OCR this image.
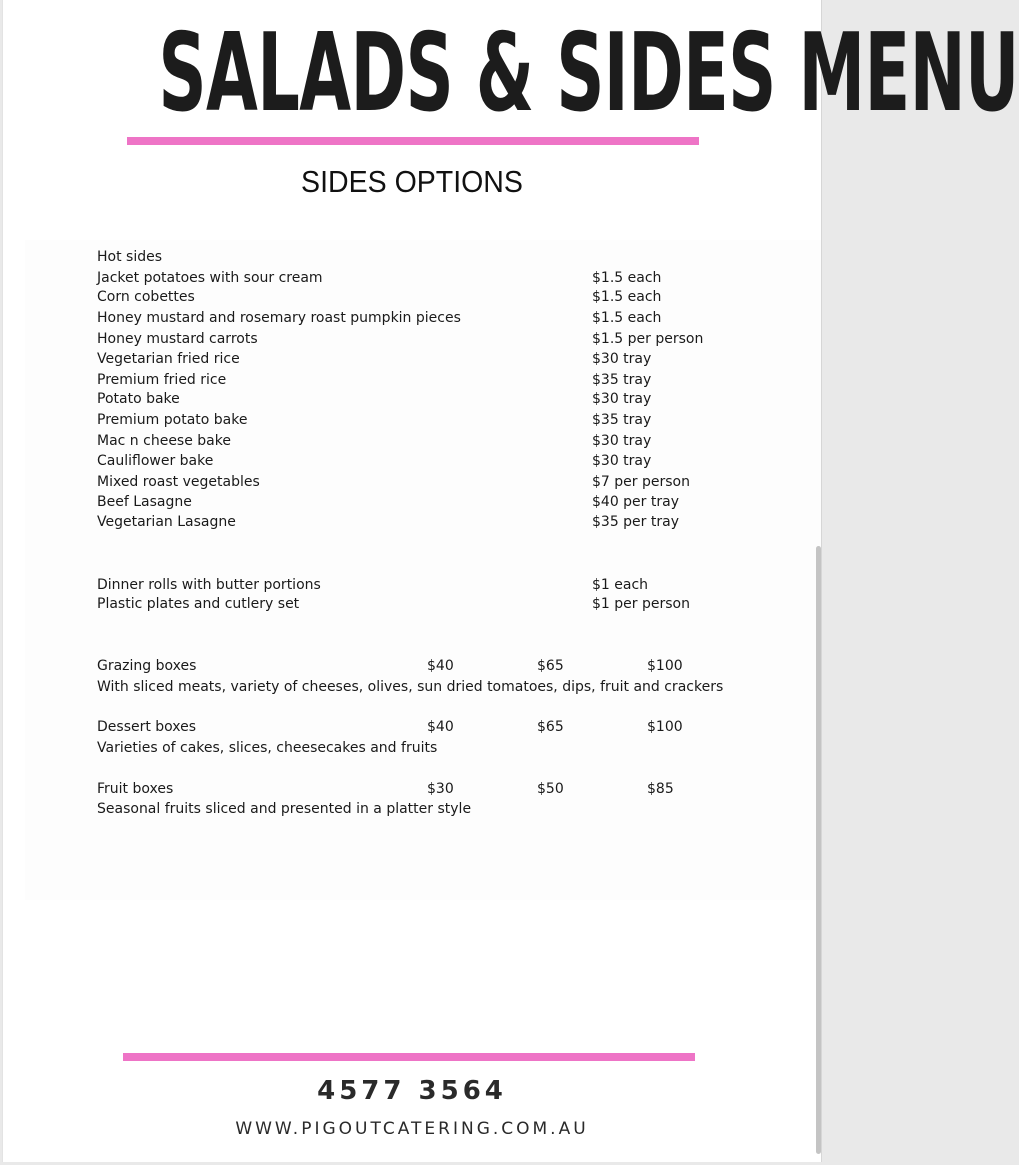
SALADS & SIDES MENU
SIDES OPTIONS
Hot sides
Jacket potatoes with sour cream	$1.5 each
Corn cobettes	$1.5 each
Honey mustard and rosemary roast pumpkin pieces	$1.5 each
Honey mustard carrots	$1.5 per person
Vegetarian fried rice	$30 tray
Premium fried rice	$35 tray
Potato bake	$30 tray
Premium potato bake	$35 tray
Mac n cheese bake	$30 tray
Cauliflower bake	$30 tray
Mixed roast vegetables	$7 per person
Beef Lasagne	$40 per tray
Vegetarian Lasagne	$35 per tray
Dinner rolls with butter portions	$1 each
Plastic plates and cutlery set	$1 per person
Grazing boxes	$40	$65	$100
With sliced meats, variety of cheeses, olives, sun dried tomatoes, dips, fruit and crackers
Dessert boxes	$40	$65	$100
Varieties of cakes, slices, cheesecakes and fruits
Fruit boxes	$30	$50	$85
Seasonal fruits sliced and presented in a platter style
4577 3564
WWW.PIGOUTCATERING.COM.AU
